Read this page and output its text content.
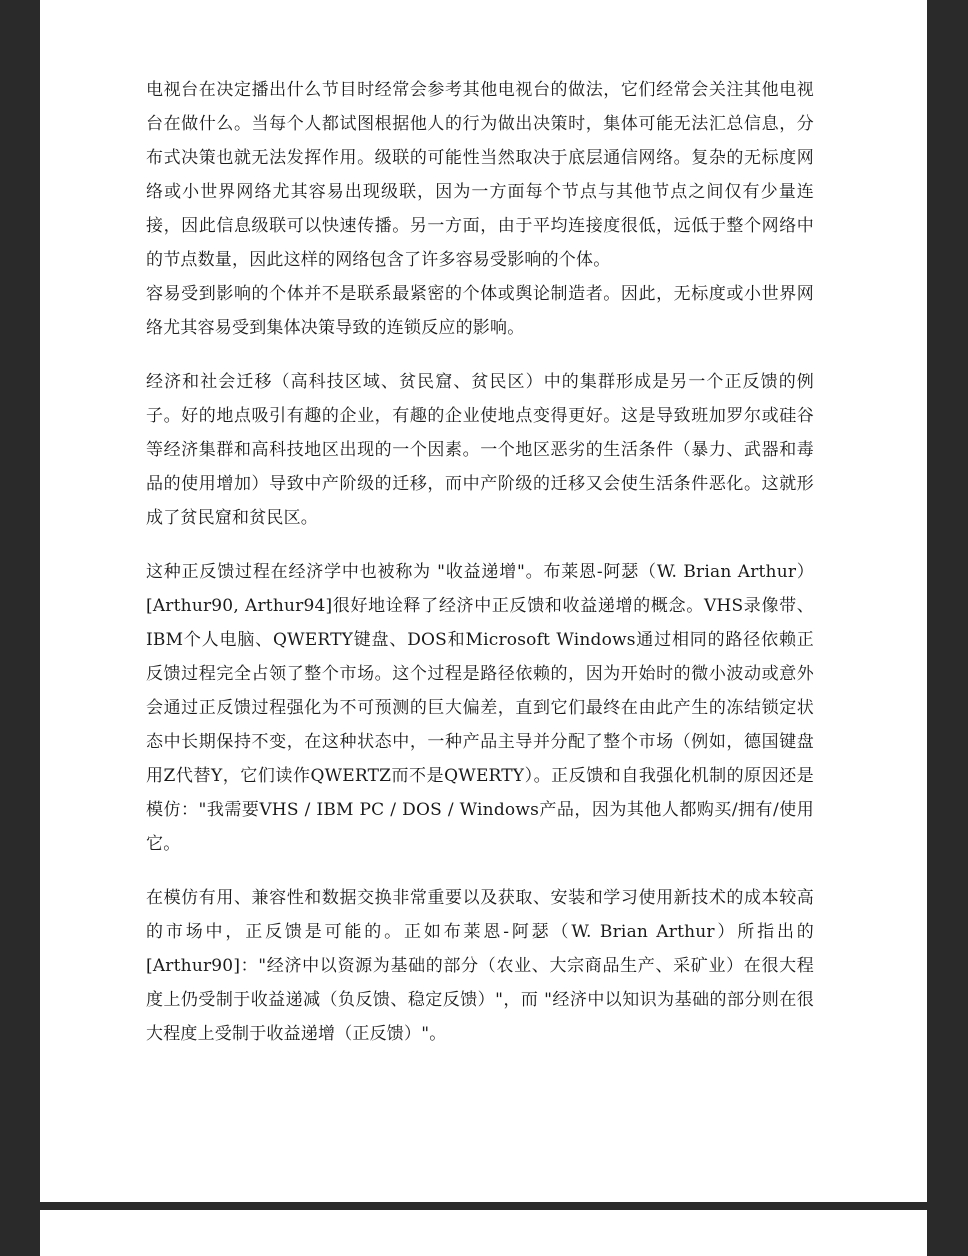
电视台在决定播出什么节目时经常会参考其他电视台的做法，它们经常会关注其他电视台在做什么。当每个人都试图根据他人的行为做出决策时，集体可能无法汇总信息，分布式决策也就无法发挥作用。级联的可能性当然取决于底层通信网络。复杂的无标度网络或小世界网络尤其容易出现级联，因为一方面每个节点与其他节点之间仅有少量连接，因此信息级联可以快速传播。另一方面，由于平均连接度很低，远低于整个网络中的节点数量，因此这样的网络包含了许多容易受影响的个体。

容易受到影响的个体并不是联系最紧密的个体或舆论制造者。因此，无标度或小世界网络尤其容易受到集体决策导致的连锁反应的影响。

经济和社会迁移（高科技区域、贫民窟、贫民区）中的集群形成是另一个正反馈的例子。好的地点吸引有趣的企业，有趣的企业使地点变得更好。这是导致班加罗尔或硅谷等经济集群和高科技地区出现的一个因素。一个地区恶劣的生活条件（暴力、武器和毒品的使用增加）导致中产阶级的迁移，而中产阶级的迁移又会使生活条件恶化。这就形成了贫民窟和贫民区。

这种正反馈过程在经济学中也被称为 "收益递增"。布莱恩-阿瑟（W. Brian Arthur）[Arthur90, Arthur94]很好地诠释了经济中正反馈和收益递增的概念。VHS录像带、IBM个人电脑、QWERTY键盘、DOS和Microsoft Windows通过相同的路径依赖正反馈过程完全占领了整个市场。这个过程是路径依赖的，因为开始时的微小波动或意外会通过正反馈过程强化为不可预测的巨大偏差，直到它们最终在由此产生的冻结锁定状态中长期保持不变，在这种状态中，一种产品主导并分配了整个市场（例如，德国键盘用Z代替Y，它们读作QWERTZ而不是QWERTY）。正反馈和自我强化机制的原因还是模仿："我需要VHS / IBM PC / DOS / Windows产品，因为其他人都购买/拥有/使用它。

在模仿有用、兼容性和数据交换非常重要以及获取、安装和学习使用新技术的成本较高的市场中，正反馈是可能的。正如布莱恩-阿瑟（W. Brian Arthur）所指出的[Arthur90]："经济中以资源为基础的部分（农业、大宗商品生产、采矿业）在很大程度上仍受制于收益递减（负反馈、稳定反馈）"，而 "经济中以知识为基础的部分则在很大程度上受制于收益递增（正反馈）"。
